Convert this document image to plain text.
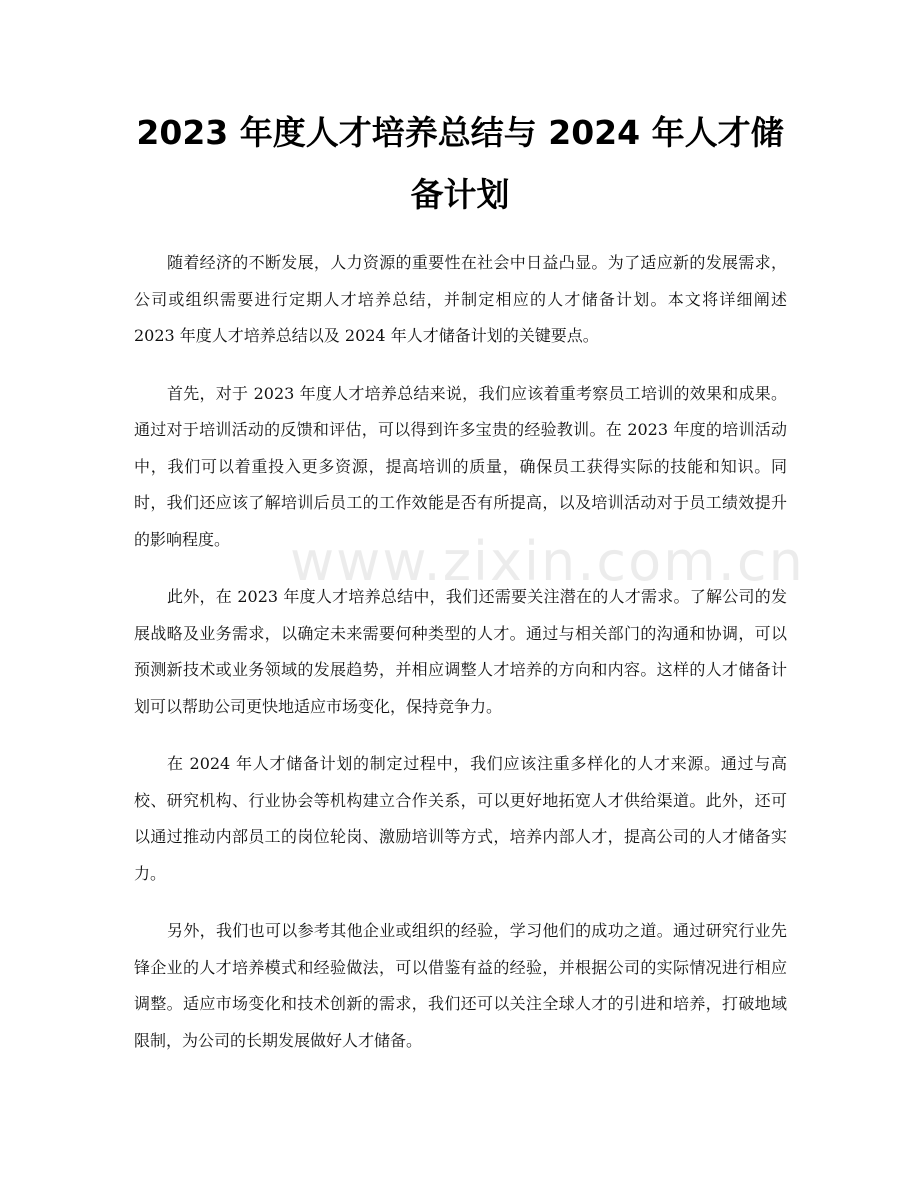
www.zixin.com.cn
2023 年度人才培养总结与 2024 年人才储备计划

随着经济的不断发展，人力资源的重要性在社会中日益凸显。为了适应新的发展需求，公司或组织需要进行定期人才培养总结，并制定相应的人才储备计划。本文将详细阐述 2023 年度人才培养总结以及 2024 年人才储备计划的关键要点。

首先，对于 2023 年度人才培养总结来说，我们应该着重考察员工培训的效果和成果。通过对于培训活动的反馈和评估，可以得到许多宝贵的经验教训。在 2023 年度的培训活动中，我们可以着重投入更多资源，提高培训的质量，确保员工获得实际的技能和知识。同时，我们还应该了解培训后员工的工作效能是否有所提高，以及培训活动对于员工绩效提升的影响程度。

此外，在 2023 年度人才培养总结中，我们还需要关注潜在的人才需求。了解公司的发展战略及业务需求，以确定未来需要何种类型的人才。通过与相关部门的沟通和协调，可以预测新技术或业务领域的发展趋势，并相应调整人才培养的方向和内容。这样的人才储备计划可以帮助公司更快地适应市场变化，保持竞争力。

在 2024 年人才储备计划的制定过程中，我们应该注重多样化的人才来源。通过与高校、研究机构、行业协会等机构建立合作关系，可以更好地拓宽人才供给渠道。此外，还可以通过推动内部员工的岗位轮岗、激励培训等方式，培养内部人才，提高公司的人才储备实力。

另外，我们也可以参考其他企业或组织的经验，学习他们的成功之道。通过研究行业先锋企业的人才培养模式和经验做法，可以借鉴有益的经验，并根据公司的实际情况进行相应调整。适应市场变化和技术创新的需求，我们还可以关注全球人才的引进和培养，打破地域限制，为公司的长期发展做好人才储备。
